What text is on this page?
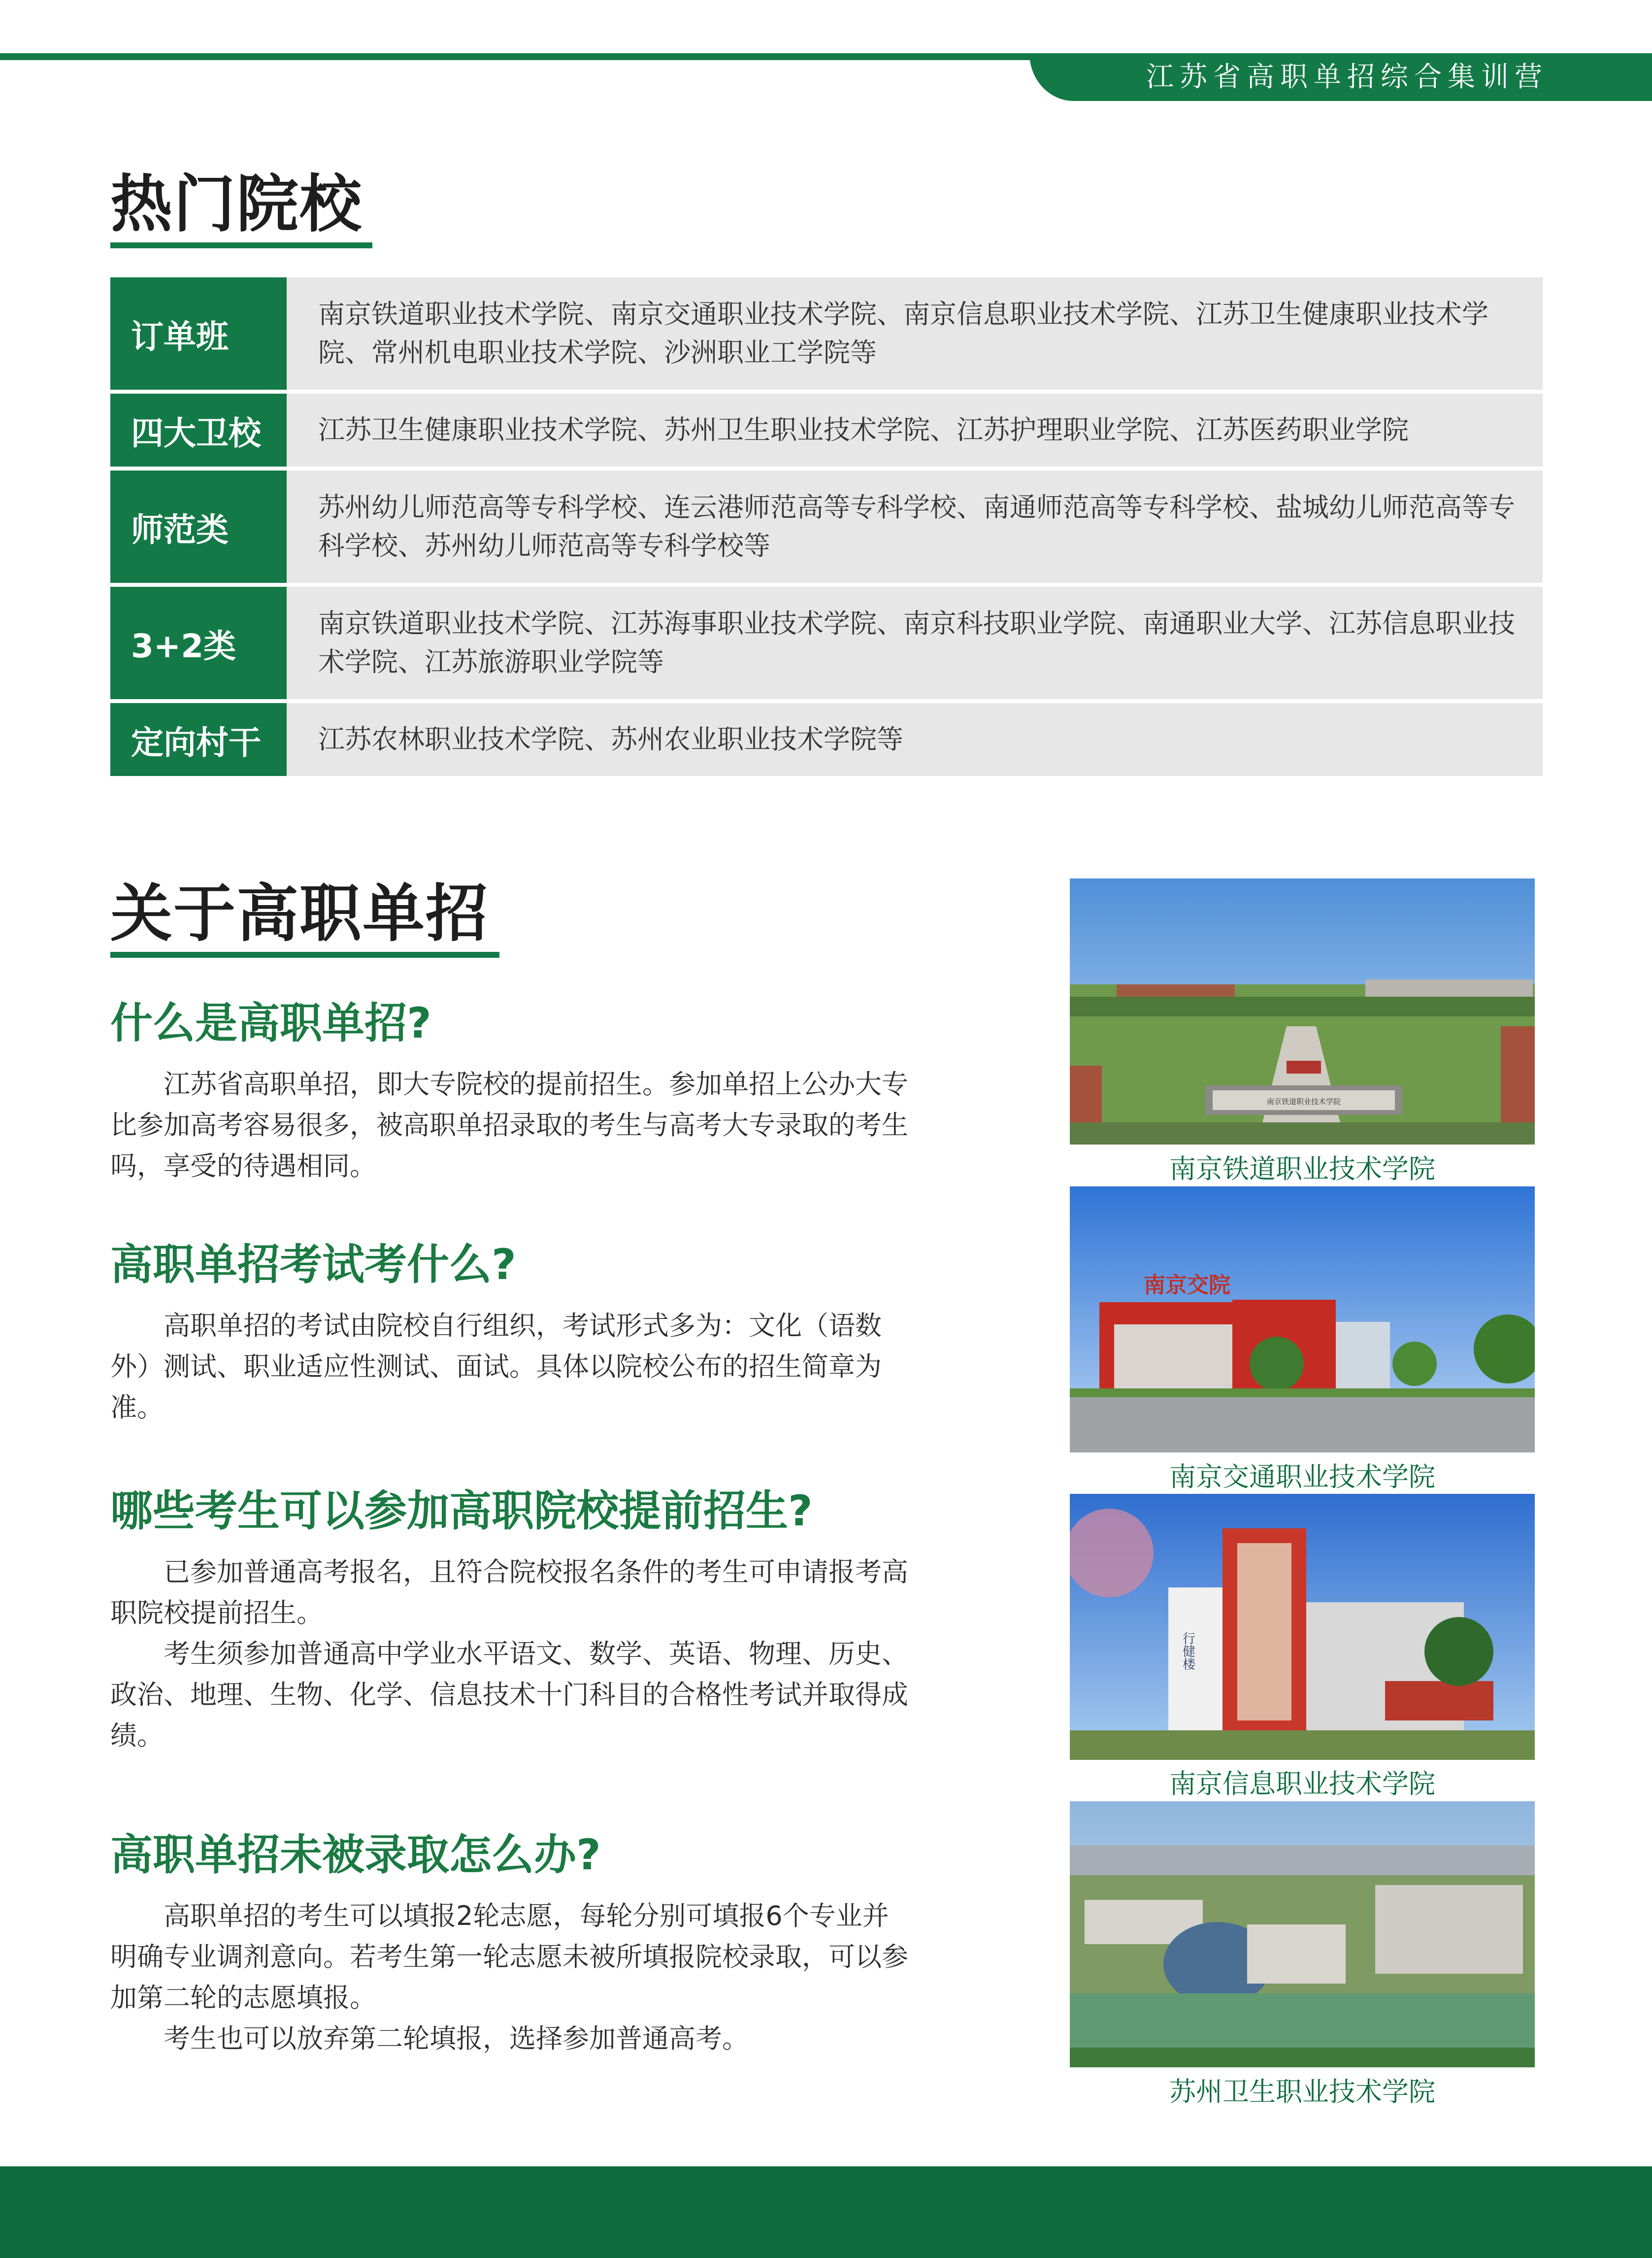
江苏省高职单招综合集训营
热门院校
订单班
南京铁道职业技术学院、南京交通职业技术学院、南京信息职业技术学院、江苏卫生健康职业技术学院、常州机电职业技术学院、沙洲职业工学院等
四大卫校	江苏卫生健康职业技术学院、苏州卫生职业技术学院、江苏护理职业学院、江苏医药职业学院
师范类
苏州幼儿师范高等专科学校、连云港师范高等专科学校、南通师范高等专科学校、盐城幼儿师范高等专科学校、苏州幼儿师范高等专科学校等
3+2类
南京铁道职业技术学院、江苏海事职业技术学院、南京科技职业学院、南通职业大学、江苏信息职业技术学院、江苏旅游职业学院等
定向村干	江苏农林职业技术学院、苏州农业职业技术学院等
关于高职单招
什么是高职单招?

江苏省高职单招，即大专院校的提前招生。参加单招上公办大专比参加高考容易很多，被高职单招录取的考生与高考大专录取的考生吗，享受的待遇相同。

高职单招考试考什么?

高职单招的考试由院校自行组织，考试形式多为：文化（语数外）测试、职业适应性测试、面试。具体以院校公布的招生简章为准。

哪些考生可以参加高职院校提前招生?

已参加普通高考报名，且符合院校报名条件的考生可申请报考高职院校提前招生。

考生须参加普通高中学业水平语文、数学、英语、物理、历史、政治、地理、生物、化学、信息技术十门科目的合格性考试并取得成绩。

高职单招未被录取怎么办?

高职单招的考生可以填报2轮志愿，每轮分别可填报6个专业并明确专业调剂意向。若考生第一轮志愿未被所填报院校录取，可以参加第二轮的志愿填报。

考生也可以放弃第二轮填报，选择参加普通高考。

南京铁道职业技术学院
南京铁道职业技术学院
南京交院
南京交通职业技术学院
行健楼
南京信息职业技术学院
苏州卫生职业技术学院
